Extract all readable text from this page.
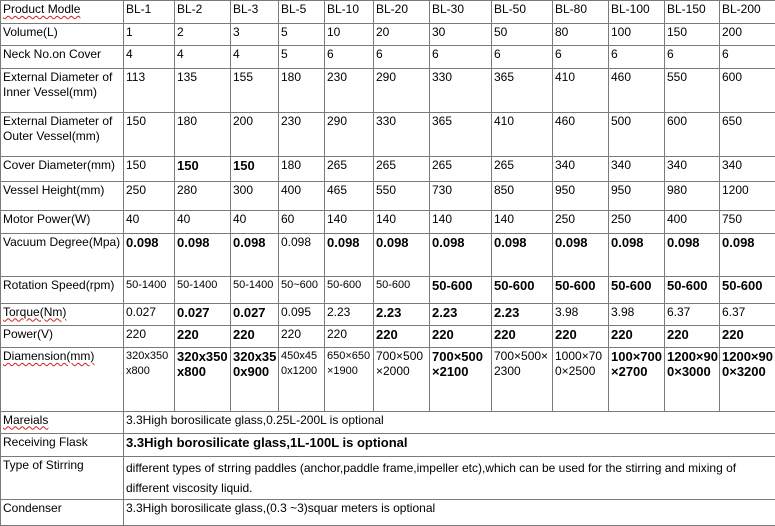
Product Modle	BL-1	BL-2	BL-3	BL-5	BL-10	BL-20	BL-30	BL-50	BL-80	BL-100	BL-150	BL-200
Volume(L)	1	2	3	5	10	20	30	50	80	100	150	200
Neck No.on Cover	4	4	4	5	6	6	6	6	6	6	6	6
External Diameter of Inner Vessel(mm)	113	135	155	180	230	290	330	365	410	460	550	600
External Diameter of Outer Vessel(mm)	150	180	200	230	290	330	365	410	460	500	600	650
Cover Diameter(mm)	150	150	150	180	265	265	265	265	340	340	340	340
Vessel Height(mm)	250	280	300	400	465	550	730	850	950	950	980	1200
Motor Power(W)	40	40	40	60	140	140	140	140	250	250	400	750
Vacuum Degree(Mpa)	0.098	0.098	0.098	0.098	0.098	0.098	0.098	0.098	0.098	0.098	0.098	0.098
Rotation Speed(rpm)	50-1400	50-1400	50-1400	50~600	50-600	50-600	50-600	50-600	50-600	50-600	50-600	50-600
Torque(Nm)	0.027	0.027	0.027	0.095	2.23	2.23	2.23	2.23	3.98	3.98	6.37	6.37
Power(V)	220	220	220	220	220	220	220	220	220	220	220	220
Diamension(mm)	320x350x800	320x350x800	320x350x900	450x450x1200	650×650×1900	700×500×2000	700×500×2100	700×500×2300	1000×700×2500	100×700×2700	1200×900×3000	1200×900×3200
Mareials	3.3High borosilicate glass,0.25L-200L is optional											
Receiving Flask	3.3High borosilicate glass,1L-100L is optional											
Type of Stirring	different types of strring paddles (anchor,paddle frame,impeller etc),which can be used for the stirring and mixing of different viscosity liquid.											
Condenser	3.3High borosilicate glass,(0.3 ~3)squar meters is optional											
